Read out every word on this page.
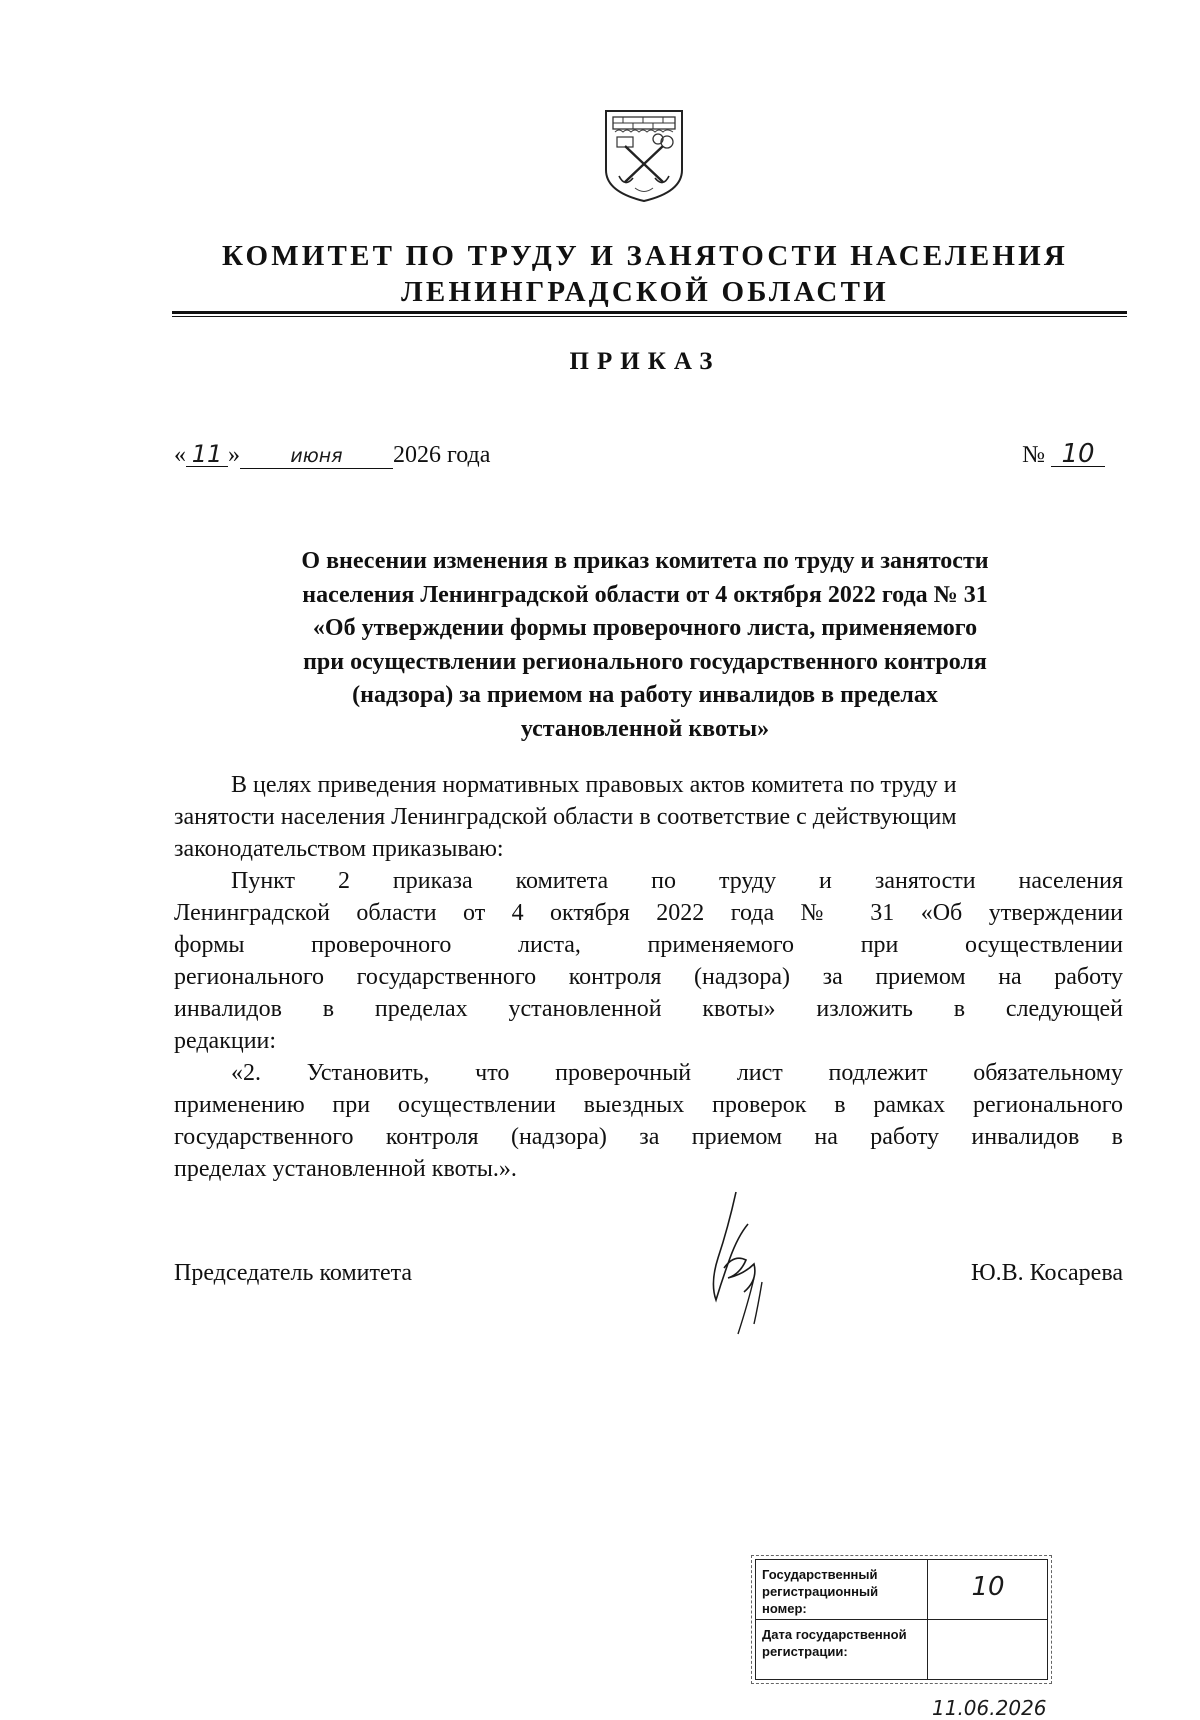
КОМИТЕТ ПО ТРУДУ И ЗАНЯТОСТИ НАСЕЛЕНИЯ
ЛЕНИНГРАДСКОЙ ОБЛАСТИ
ПРИКАЗ
« 11 »	июня 2026 года	№ 10
О внесении изменения в приказ комитета по труду и занятости
населения Ленинградской области от 4 октября 2022 года № 31
«Об утверждении формы проверочного листа, применяемого
при осуществлении регионального государственного контроля
(надзора) за приемом на работу инвалидов в пределах
установленной квоты»
В целях приведения нормативных правовых актов комитета по труду и
занятости населения Ленинградской области в соответствие с действующим
законодательством приказываю:
Пункт 2 приказа комитета по труду и занятости населения
Ленинградской области от 4 октября 2022 года № 31 «Об утверждении
формы проверочного листа, применяемого при осуществлении
регионального государственного контроля (надзора) за приемом на работу
инвалидов в пределах установленной квоты» изложить в следующей
редакции:
«2. Установить, что проверочный лист подлежит обязательному
применению при осуществлении выездных проверок в рамках регионального
государственного контроля (надзора) за приемом на работу инвалидов в
пределах установленной квоты.».
Председатель комитета	Ю.В. Косарева
Государственный регистрационный номер:
10
Дата государственной регистрации:
11.06.2026
